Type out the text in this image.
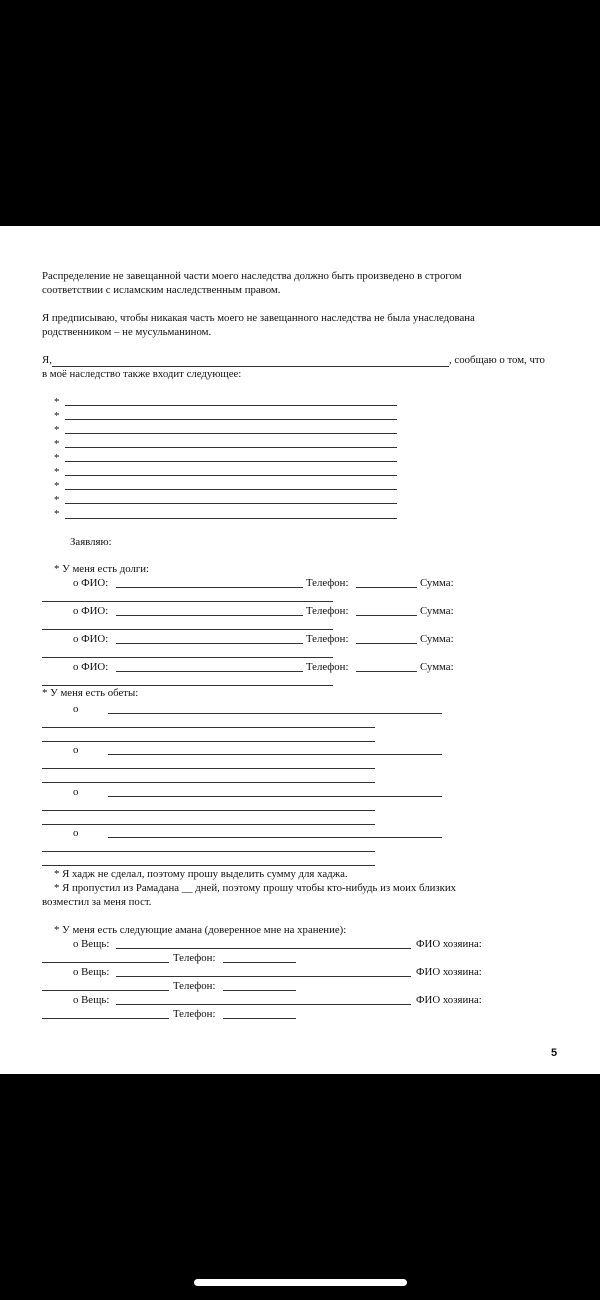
Распределение не завещанной части моего наследства должно быть произведено в строгом
соответствии с исламским наследственным правом.
Я предписываю, чтобы никакая часть моего не завещанного наследства не была унаследована
родственником – не мусульманином.
Я,	, сообщаю о том, что
в моё наследство также входит следующее:
*
*
*
*
*
*
*
*
*
Заявляю:
* У меня есть долги:
о ФИО:	Телефон:	Сумма:
о ФИО:	Телефон:	Сумма:
о ФИО:	Телефон:	Сумма:
о ФИО:	Телефон:	Сумма:
* У меня есть обеты:
о
о
о
о
* Я хадж не сделал, поэтому прошу выделить сумму для хаджа.
* Я пропустил из Рамадана __ дней, поэтому прошу чтобы кто-нибудь из моих близких
возместил за меня пост.
* У меня есть следующие амана (доверенное мне на хранение):
о Вещь:	ФИО хозяина:
Телефон:
о Вещь:	ФИО хозяина:
Телефон:
о Вещь:	ФИО хозяина:
Телефон:
5
